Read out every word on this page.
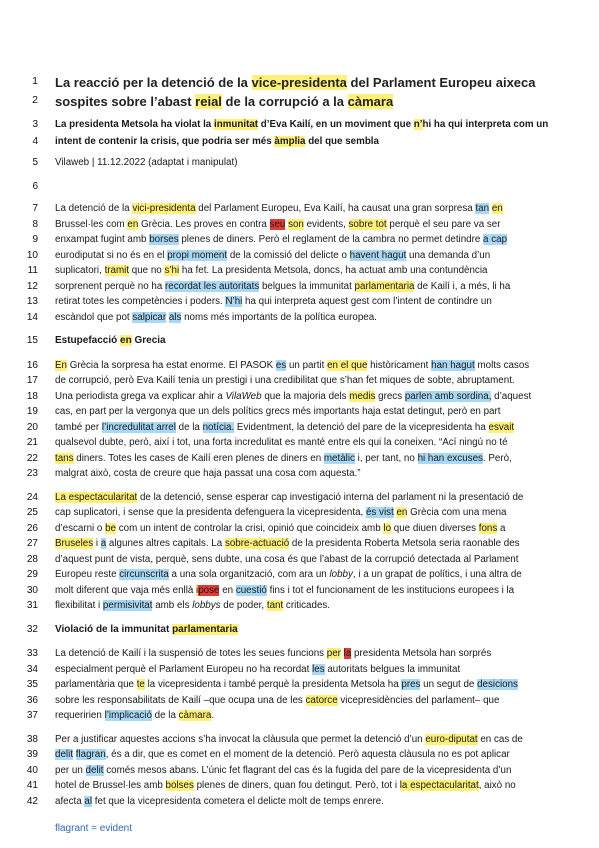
1 La reacció per la detenció de la vice-presidenta del Parlament Europeu aixeca
2 sospites sobre l’abast reial de la corrupció a la càmara
3 La presidenta Metsola ha violat la inmunitat d’Eva Kailí, en un moviment que n’hi ha qui interpreta com un
4 intent de contenir la crisis, que podria ser més àmplia del que sembla
5 Vilaweb | 11.12.2022 (adaptat i manipulat)
6
7 La detenció de la vici-presidenta del Parlament Europeu, Eva Kailí, ha causat una gran sorpresa tan en
8 Brussel·les com en Grècia. Les proves en contra seu son evidents, sobre tot perquè el seu pare va ser
9 enxampat fugint amb borses plenes de diners. Però el reglament de la cambra no permet detindre a cap
10 eurodiputat si no és en el propi moment de la comissió del delicte o havent hagut una demanda d’un
11 suplicatori, tramit que no s’hi ha fet. La presidenta Metsola, doncs, ha actuat amb una contundència
12 sorprenent perquè no ha recordat les autoritats belgues la immunitat parlamentaria de Kailí i, a més, li ha
13 retirat totes les competències i poders. N’hi ha qui interpreta aquest gest com l’intent de contindre un
14 escàndol que pot salpicar als noms més importants de la política europea.
15 Estupefacció en Grecia
16 En Grècia la sorpresa ha estat enorme. El PASOK es un partit en el que històricament han hagut molts casos
17 de corrupció, però Eva Kailí tenia un prestigi i una credibilitat que s’han fet miques de sobte, abruptament.
18 Una periodista grega va explicar ahir a VilaWeb que la majoria dels medis grecs parlen amb sordina, d’aquest
19 cas, en part per la vergonya que un dels polítics grecs més importants haja estat detingut, però en part
20 també per l’incredulitat arrel de la notícia. Evidentment, la detenció del pare de la vicepresidenta ha esvait
21 qualsevol dubte, però, així i tot, una forta incredulitat es manté entre els qui la coneixen. “Ací ningú no té
22 tans diners. Totes les cases de Kailí eren plenes de diners en metàlic i, per tant, no hi han excuses. Però,
23 malgrat això, costa de creure que haja passat una cosa com aquesta.”
24 La espectacularitat de la detenció, sense esperar cap investigació interna del parlament ni la presentació de
25 cap suplicatori, i sense que la presidenta defenguera la vicepresidenta, és vist en Grècia com una mena
26 d’escarni o be com un intent de controlar la crisi, opinió que coincideix amb lo que diuen diverses fons a
27 Bruseles i a algunes altres capitals. La sobre-actuació de la presidenta Roberta Metsola seria raonable des
28 d’aquest punt de vista, perquè, sens dubte, una cosa és que l’abast de la corrupció detectada al Parlament
29 Europeu reste circunscrita a una sola organització, com ara un lobby, i a un grapat de polítics, i una altra de
30 molt diferent que vaja més enllà pose en cuestió fins i tot el funcionament de les institucions europees i la
31 flexibilitat i permisivitat amb els lobbys de poder, tant criticades.
32 Violació de la immunitat parlamentaria
33 La detenció de Kailí i la suspensió de totes les seues funcions per la presidenta Metsola han sorprés
34 especialment perquè el Parlament Europeu no ha recordat les autoritats belgues la immunitat
35 parlamentària que te la vicepresidenta i també perquè la presidenta Metsola ha pres un segut de desicions
36 sobre les responsabilitats de Kailí –que ocupa una de les catorce vicepresidències del parlament– que
37 requeririen l’implicació de la càmara.
38 Per a justificar aquestes accions s’ha invocat la clàusula que permet la detenció d’un euro-diputat en cas de
39 delit flagran, és a dir, que es comet en el moment de la detenció. Però aquesta clàusula no es pot aplicar
40 per un delit comés mesos abans. L’únic fet flagrant del cas és la fugida del pare de la vicepresidenta d’un
41 hotel de Brussel·les amb bolses plenes de diners, quan fou detingut. Però, tot i la espectacularitat, això no
42 afecta al fet que la vicepresidenta cometera el delicte molt de temps enrere.
flagrant = evident
